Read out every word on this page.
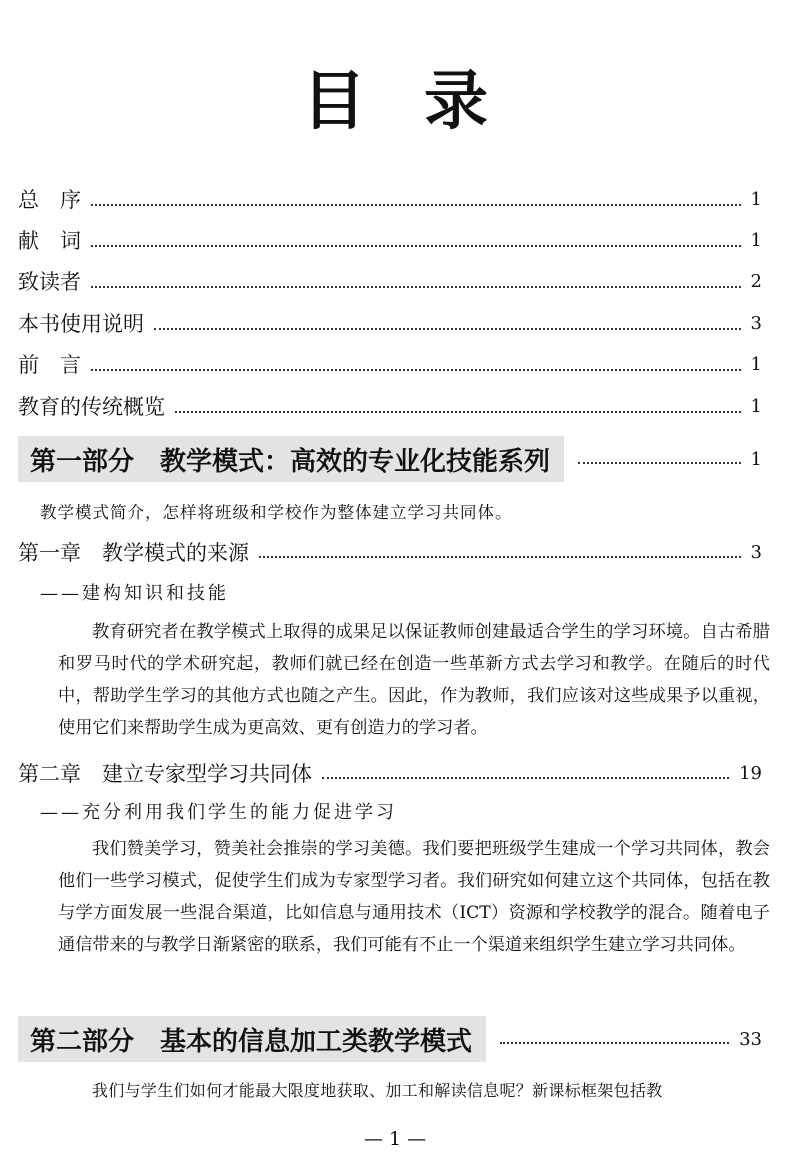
目录
总　序	1
献　词	1
致读者	2
本书使用说明	3
前　言	1
教育的传统概览	1
第一部分　教学模式：高效的专业化技能系列	1
教学模式简介，怎样将班级和学校作为整体建立学习共同体。
第一章　教学模式的来源	3
——建构知识和技能

教育研究者在教学模式上取得的成果足以保证教师创建最适合学生的学习环境。自古希腊和罗马时代的学术研究起，教师们就已经在创造一些革新方式去学习和教学。在随后的时代中，帮助学生学习的其他方式也随之产生。因此，作为教师，我们应该对这些成果予以重视，使用它们来帮助学生成为更高效、更有创造力的学习者。

第二章　建立专家型学习共同体	19
——充分利用我们学生的能力促进学习

我们赞美学习，赞美社会推崇的学习美德。我们要把班级学生建成一个学习共同体，教会他们一些学习模式，促使学生们成为专家型学习者。我们研究如何建立这个共同体，包括在教与学方面发展一些混合渠道，比如信息与通用技术（ICT）资源和学校教学的混合。随着电子通信带来的与教学日渐紧密的联系，我们可能有不止一个渠道来组织学生建立学习共同体。

第二部分　基本的信息加工类教学模式	33
我们与学生们如何才能最大限度地获取、加工和解读信息呢？新课标框架包括教
— 1 —
